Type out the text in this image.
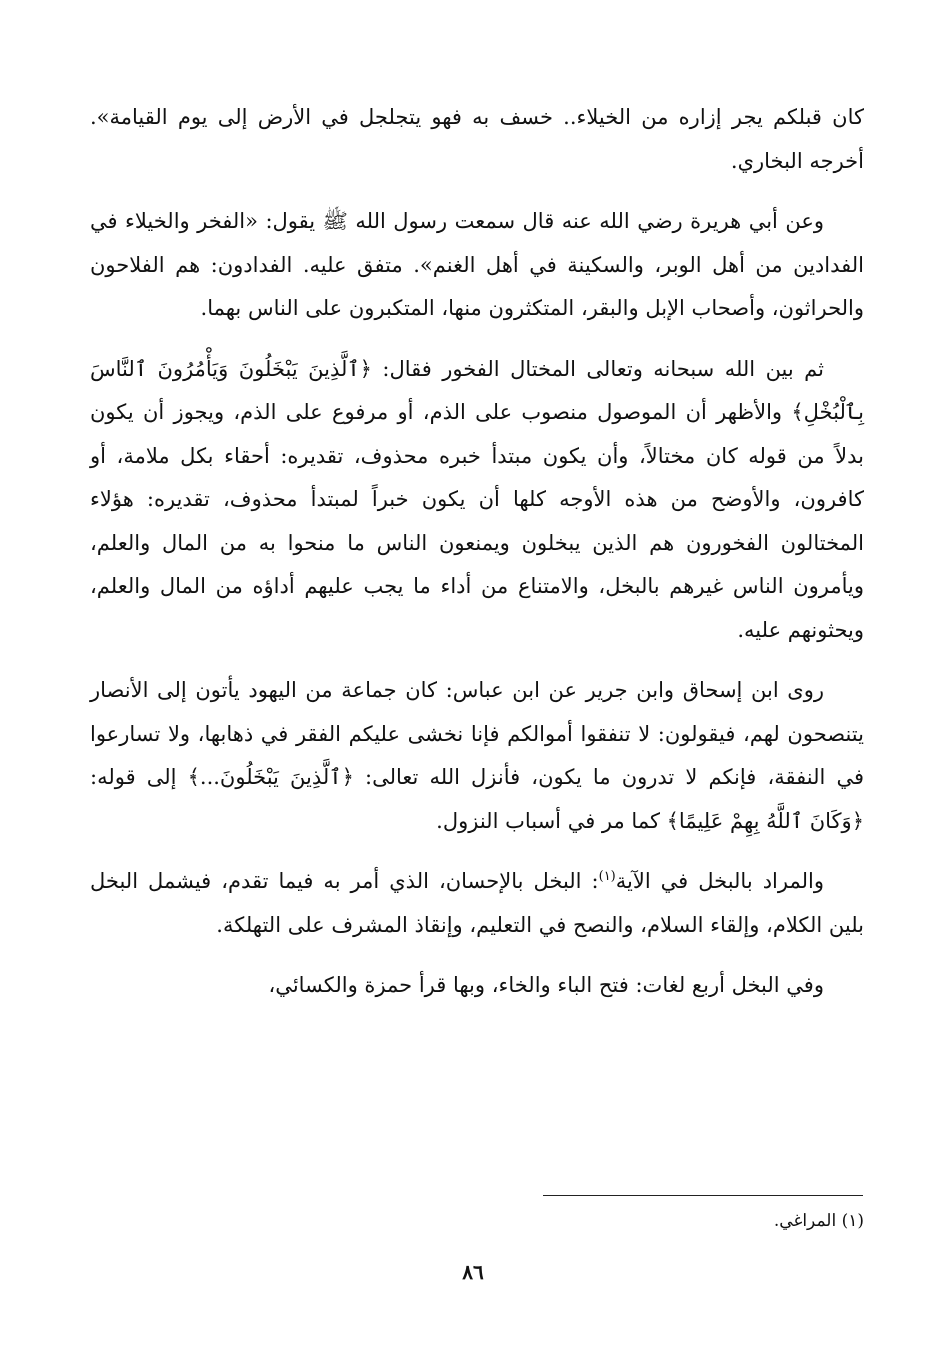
كان قبلكم يجر إزاره من الخيلاء.. خسف به فهو يتجلجل في الأرض إلى يوم القيامة». أخرجه البخاري.

وعن أبي هريرة رضي الله عنه قال سمعت رسول الله ﷺ يقول: «الفخر والخيلاء في الفدادين من أهل الوبر، والسكينة في أهل الغنم». متفق عليه. الفدادون: هم الفلاحون والحراثون، وأصحاب الإبل والبقر، المتكثرون منها، المتكبرون على الناس بهما.

ثم بين الله سبحانه وتعالى المختال الفخور فقال: ﴿ٱلَّذِينَ يَبْخَلُونَ وَيَأْمُرُونَ ٱلنَّاسَ بِٱلْبُخْلِ﴾ والأظهر أن الموصول منصوب على الذم، أو مرفوع على الذم، ويجوز أن يكون بدلاً من قوله كان مختالاً، وأن يكون مبتدأ خبره محذوف، تقديره: أحقاء بكل ملامة، أو كافرون، والأوضح من هذه الأوجه كلها أن يكون خبراً لمبتدأ محذوف، تقديره: هؤلاء المختالون الفخورون هم الذين يبخلون ويمنعون الناس ما منحوا به من المال والعلم، ويأمرون الناس غيرهم بالبخل، والامتناع من أداء ما يجب عليهم أداؤه من المال والعلم، ويحثونهم عليه.

روى ابن إسحاق وابن جرير عن ابن عباس: كان جماعة من اليهود يأتون إلى الأنصار يتنصحون لهم، فيقولون: لا تنفقوا أموالكم فإنا نخشى عليكم الفقر في ذهابها، ولا تسارعوا في النفقة، فإنكم لا تدرون ما يكون، فأنزل الله تعالى: ﴿ٱلَّذِينَ يَبْخَلُونَ...﴾ إلى قوله: ﴿وَكَانَ ٱللَّهُ بِهِمْ عَلِيمًا﴾ كما مر في أسباب النزول.

والمراد بالبخل في الآية$^{(١)}$: البخل بالإحسان، الذي أمر به فيما تقدم، فيشمل البخل بلين الكلام، وإلقاء السلام، والنصح في التعليم، وإنقاذ المشرف على التهلكة.

وفي البخل أربع لغات: فتح الباء والخاء، وبها قرأ حمزة والكسائي،

(١) المراغي.
٨٦
